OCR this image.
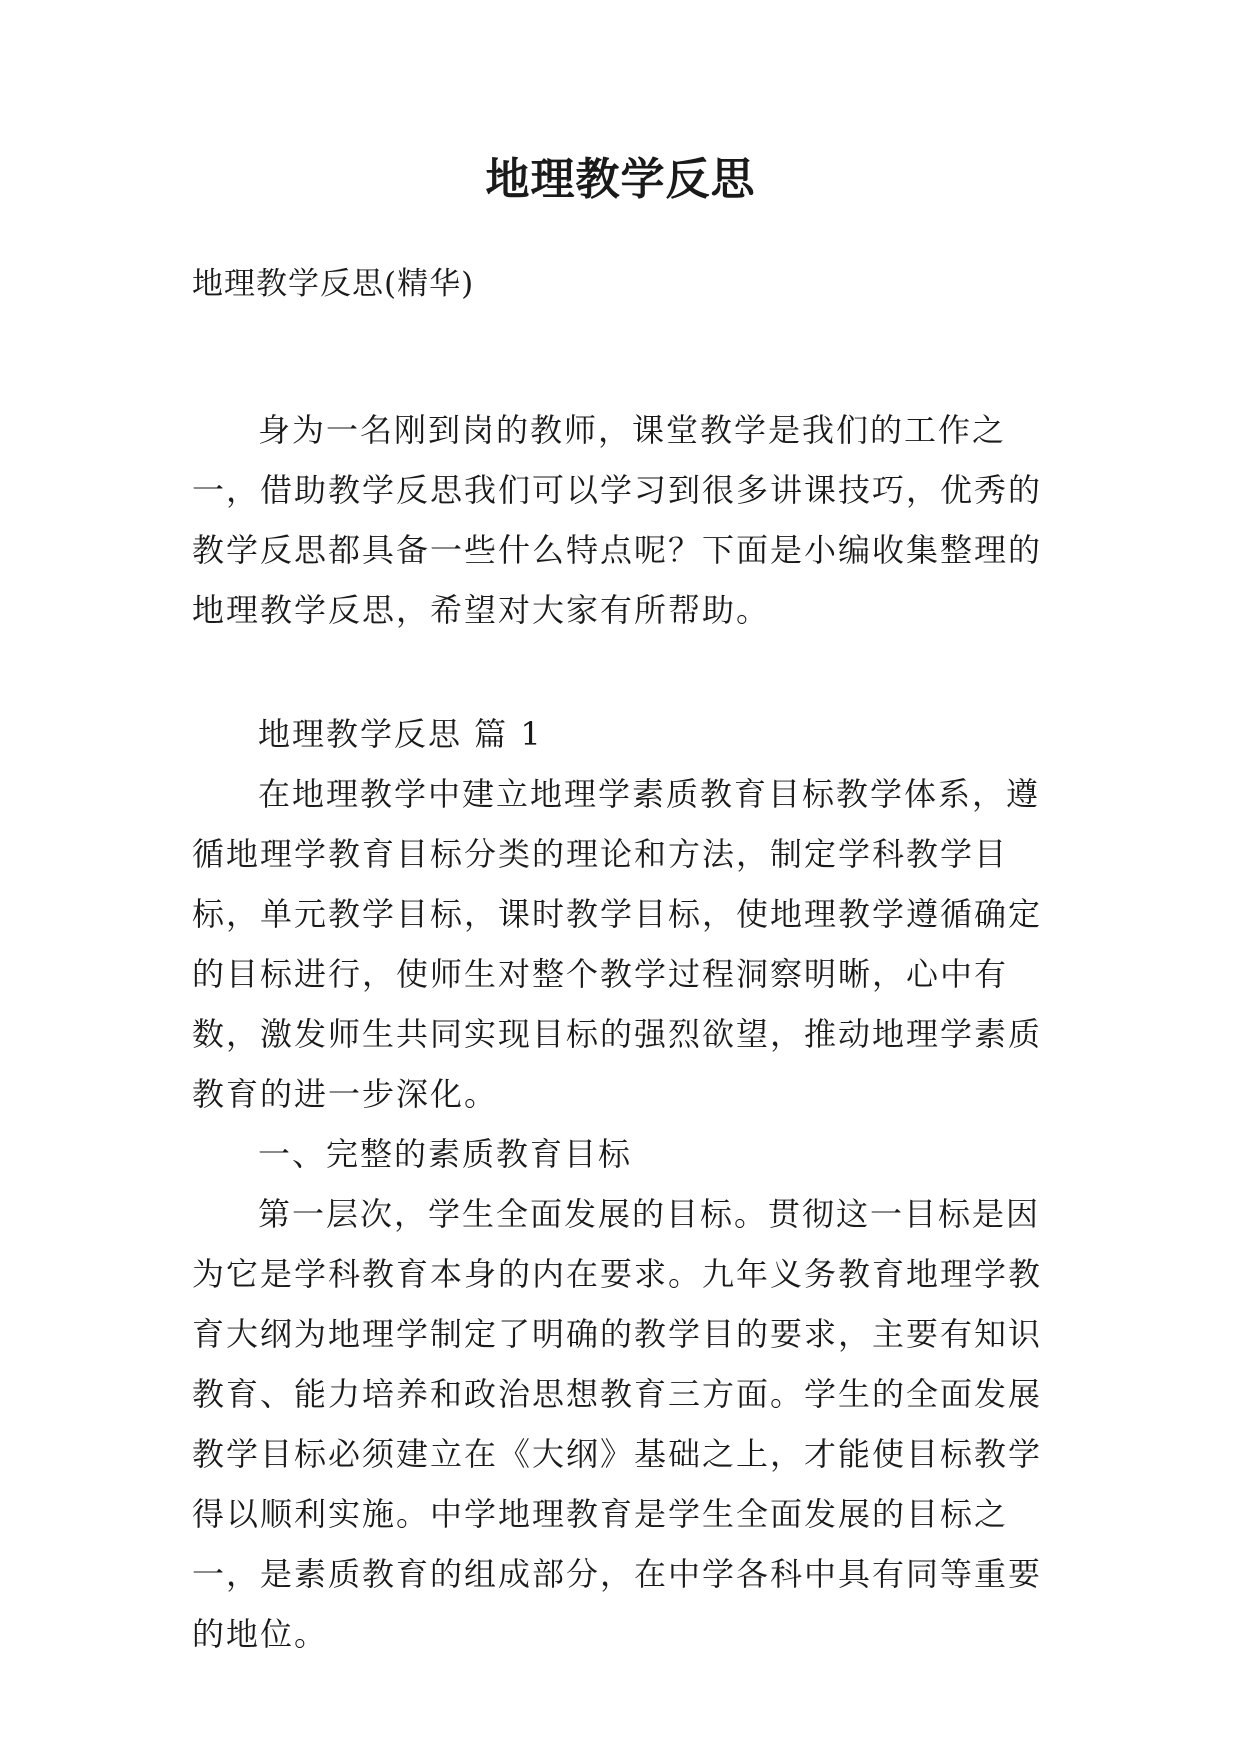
地理教学反思
地理教学反思(精华)

身为一名刚到岗的教师，课堂教学是我们的工作之一，借助教学反思我们可以学习到很多讲课技巧，优秀的教学反思都具备一些什么特点呢？下面是小编收集整理的地理教学反思，希望对大家有所帮助。

地理教学反思 篇 1

在地理教学中建立地理学素质教育目标教学体系，遵循地理学教育目标分类的理论和方法，制定学科教学目标，单元教学目标，课时教学目标，使地理教学遵循确定的目标进行，使师生对整个教学过程洞察明晰，心中有数，激发师生共同实现目标的强烈欲望，推动地理学素质教育的进一步深化。

一、完整的素质教育目标

第一层次，学生全面发展的目标。贯彻这一目标是因为它是学科教育本身的内在要求。九年义务教育地理学教育大纲为地理学制定了明确的教学目的要求，主要有知识教育、能力培养和政治思想教育三方面。学生的全面发展教学目标必须建立在《大纲》基础之上，才能使目标教学得以顺利实施。中学地理教育是学生全面发展的目标之一，是素质教育的组成部分，在中学各科中具有同等重要的地位。
